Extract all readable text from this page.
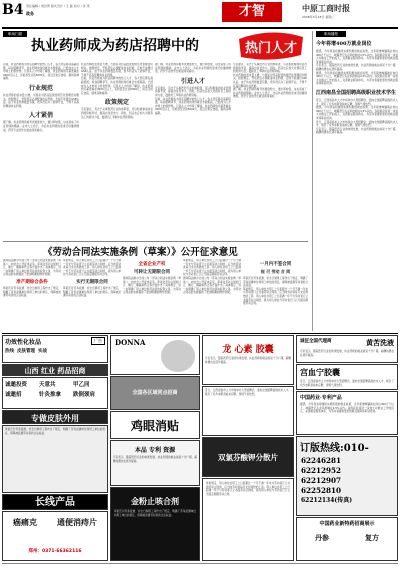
B4 责任编辑 / 刘世青 版式设计 / 王 磊 校对 / 李 英
政务	才智	中原工商时报
2008年3月18日 星期二
职场扫描
执业药师成为药店招聘中的	热门人才
目前，执业药师成为药店招聘中的热门人才，各大药店都在高薪招揽，每到招聘季节，执业药师的身价就会水涨船高，已经成为人才市场上的香饽饽。记者从人才市场了解到，执业药师的月薪普遍在3000元以上，有的甚至达到5000元，而且还供应食宿，提供各种福利。
行业规范
执业药师的需求量大增，与国家对药品经营的规范化管理密切相关。按照规定，零售药店必须配备执业药师，否则不能通过GSP认证。由于执业药师数量有限，很多药店为了能够开业，不得不花高价聘请执业药师。
人才紧俏
据了解，执业药师资格考试难度较大，通过率较低，这也造成了执业药师的稀缺。业内人士表示，今后执业药师的需求还将继续增加，药学专业的学生就业前景看好。
执业药师的需求量大增，与国家对药品经营的规范化管理密切相关。按照规定，零售药店必须配备执业药师，否则不能通过GSP认证。由于执业药师数量有限，很多药店为了能够开业，不得不花高价聘请执业药师。
目前，执业药师成为药店招聘中的热门人才，各大药店都在高薪招揽，每到招聘季节，执业药师的身价就会水涨船高，已经成为人才市场上的香饽饽。记者从人才市场了解到，执业药师的月薪普遍在3000元以上，有的甚至达到5000元，而且还供应食宿，提供各种福利。
政策规定
专家建议，有志于从事医药行业的求职者，可以积极参加执业药师资格考试，提高自身竞争力。同时，药店也应加大对现有员工的培训力度，鼓励员工考取执业药师资格。
据了解，执业药师资格考试难度较大，通过率较低，这也造成了执业药师的稀缺。业内人士表示，今后执业药师的需求还将继续增加，药学专业的学生就业前景看好。
引进人才
专家建议，有志于从事医药行业的求职者，可以积极参加执业药师资格考试，提高自身竞争力。同时，药店也应加大对现有员工的培训力度，鼓励员工考取执业药师资格。
目前，执业药师成为药店招聘中的热门人才，各大药店都在高薪招揽，每到招聘季节，执业药师的身价就会水涨船高，已经成为人才市场上的香饽饽。记者从人才市场了解到，执业药师的月薪普遍在3000元以上，有的甚至达到5000元，而且还供应食宿，提供各种福利。
专家建议，有志于从事医药行业的求职者，可以积极参加执业药师资格考试，提高自身竞争力。同时，药店也应加大对现有员工的培训力度，鼓励员工考取执业药师资格。
执业药师的需求量大增，与国家对药品经营的规范化管理密切相关。按照规定，零售药店必须配备执业药师，否则不能通过GSP认证。由于执业药师数量有限，很多药店为了能够开业，不得不花高价聘请执业药师。
据了解，执业药师资格考试难度较大，通过率较低，这也造成了执业药师的稀缺。业内人士表示，今后执业药师的需求还将继续增加，药学专业的学生就业前景看好。
职场播报
今年将增400万就业岗位
据悉，今年我省将继续实施积极的就业政策，全年新增城镇就业岗位400万个以上，城镇登记失业率控制在4.5%以内。各级政府将进一步加大对就业工作的投入，完善就业服务体系，为劳动者提供更好的就业服务和职业培训。
专家表示，随着医药行业的快速发展，执业药师的就业前景十分广阔，薪酬待遇也在逐年提高。
据悉，今年我省将继续实施积极的就业政策，全年新增城镇就业岗位400万个以上，城镇登记失业率控制在4.5%以内。各级政府将进一步加大对就业工作的投入，完善就业服务体系，为劳动者提供更好的就业服务和职业培训。
江西南昌全国招聘高级职业技术学生
近日，江西南昌市人才市场举办大型招聘会，面向全国招聘高级技术人才，吸引了众多求职者前来应聘，现场气氛热烈。
据悉，今年我省将继续实施积极的就业政策，全年新增城镇就业岗位400万个以上，城镇登记失业率控制在4.5%以内。各级政府将进一步加大对就业工作的投入，完善就业服务体系，为劳动者提供更好的就业服务和职业培训。
近日，江西南昌市人才市场举办大型招聘会，面向全国招聘高级技术人才，吸引了众多求职者前来应聘，现场气氛热烈。
专家表示，随着医药行业的快速发展，执业药师的就业前景十分广阔，薪酬待遇也在逐年提高。
《劳动合同法实施条例（草案）》公开征求意见
国务院法制办日前公布《劳动合同法实施条例（草案）》，向社会公开征求意见。草案对劳动合同的订立、履行、解除和终止等方面作出了具体规定，进一步明确了用人单位和劳动者的权利义务，为劳动合同法的实施提供了更加明确的操作依据。
净产期综合条件
草案还对劳务派遣、非全日制用工等作出了规定，明确了劳务派遣单位和用工单位的责任，保障被派遣劳动者的合法权益。
草案规定，用人单位自用工之日起超过一个月不满一年未与劳动者订立书面劳动合同的，应当向劳动者每月支付两倍的工资。用人单位自用工之日起满一年不与劳动者订立书面劳动合同的，视为用人单位与劳动者已订立无固定期限劳动合同。
实行无期限合同
草案还对劳务派遣、非全日制用工等作出了规定，明确了劳务派遣单位和用工单位的责任，保障被派遣劳动者的合法权益。
全省企业产权
可转让无期限合同
国务院法制办日前公布《劳动合同法实施条例（草案）》，向社会公开征求意见。草案对劳动合同的订立、履行、解除和终止等方面作出了具体规定，进一步明确了用人单位和劳动者的权利义务，为劳动合同法的实施提供了更加明确的操作依据。
草案规定，用人单位自用工之日起超过一个月不满一年未与劳动者订立书面劳动合同的，应当向劳动者每月支付两倍的工资。用人单位自用工之日起满一年不与劳动者订立书面劳动合同的，视为用人单位与劳动者已订立无固定期限劳动合同。
国务院法制办日前公布《劳动合同法实施条例（草案）》，向社会公开征求意见。草案对劳动合同的订立、履行、解除和终止等方面作出了具体规定，进一步明确了用人单位和劳动者的权利义务，为劳动合同法的实施提供了更加明确的操作依据。
一月内不签合同
视 可 劳动 合 同
草案还对劳务派遣、非全日制用工等作出了规定，明确了劳务派遣单位和用工单位的责任，保障被派遣劳动者的合法权益。
草案规定，用人单位自用工之日起超过一个月不满一年未与劳动者订立书面劳动合同的，应当向劳动者每月支付两倍的工资。用人单位自用工之日起满一年不与劳动者订立书面劳动合同的，视为用人单位与劳动者已订立无固定期限劳动合同。
功效性化妆品
热线 皮肤管理 实战
广告
山西 红业 药品招商
诚邀投资	天意共	甲乙同
诚邀招	针灸推拿	跌倒颈肩
专做皮肤外用
草案还对劳务派遣、非全日制用工等作出了规定，明确了劳务派遣单位和用工单位的责任，保障被派遣劳动者的合法权益。
长线产品
癌痛克	通便消痔片
郑州：0371-66362116
DONNA
全国各区域同点招商
鸡眼消贴
本品 专利 资源
专家表示，随着医药行业的快速发展，执业药师的就业前景十分广阔，薪酬待遇也在逐年提高。
金粉止咳合剂
草案还对劳务派遣、非全日制用工等作出了规定，明确了劳务派遣单位和用工单位的责任，保障被派遣劳动者的合法权益。
龙 心素 胶囊
专家表示，随着医药行业的快速发展，执业药师的就业前景十分广阔，薪酬待遇也在逐年提高。
近日，江西南昌市人才市场举办大型招聘会，面向全国招聘高级技术人才，吸引了众多求职者前来应聘，现场气氛热烈。
双氯芬酸钾分散片
草案规定，用人单位自用工之日起超过一个月不满一年未与劳动者订立书面劳动合同的，应当向劳动者每月支付两倍的工资。用人单位自用工之日起满一年不与劳动者订立书面劳动合同的，视为用人单位与劳动者已订立无固定期限劳动合同。
诚征全国代理商	黄苦洗液
专家表示，随着医药行业的快速发展，执业药师的就业前景十分广阔，薪酬待遇也在逐年提高。
宫血宁胶囊
近日，江西南昌市人才市场举办大型招聘会，面向全国招聘高级技术人才，吸引了众多求职者前来应聘，现场气氛热烈。
中国药业·专利产品
据悉，今年我省将继续实施积极的就业政策，全年新增城镇就业岗位400万个以上，城镇登记失业率控制在4.5%以内。各级政府将进一步加大对就业工作的投入，完善就业服务体系，为劳动者提供更好的就业服务和职业培训。
订版热线:010-
62246281
62212952
62212907
62252810
62212134(传真)
中国药业新特药招商展示
丹参	复方
